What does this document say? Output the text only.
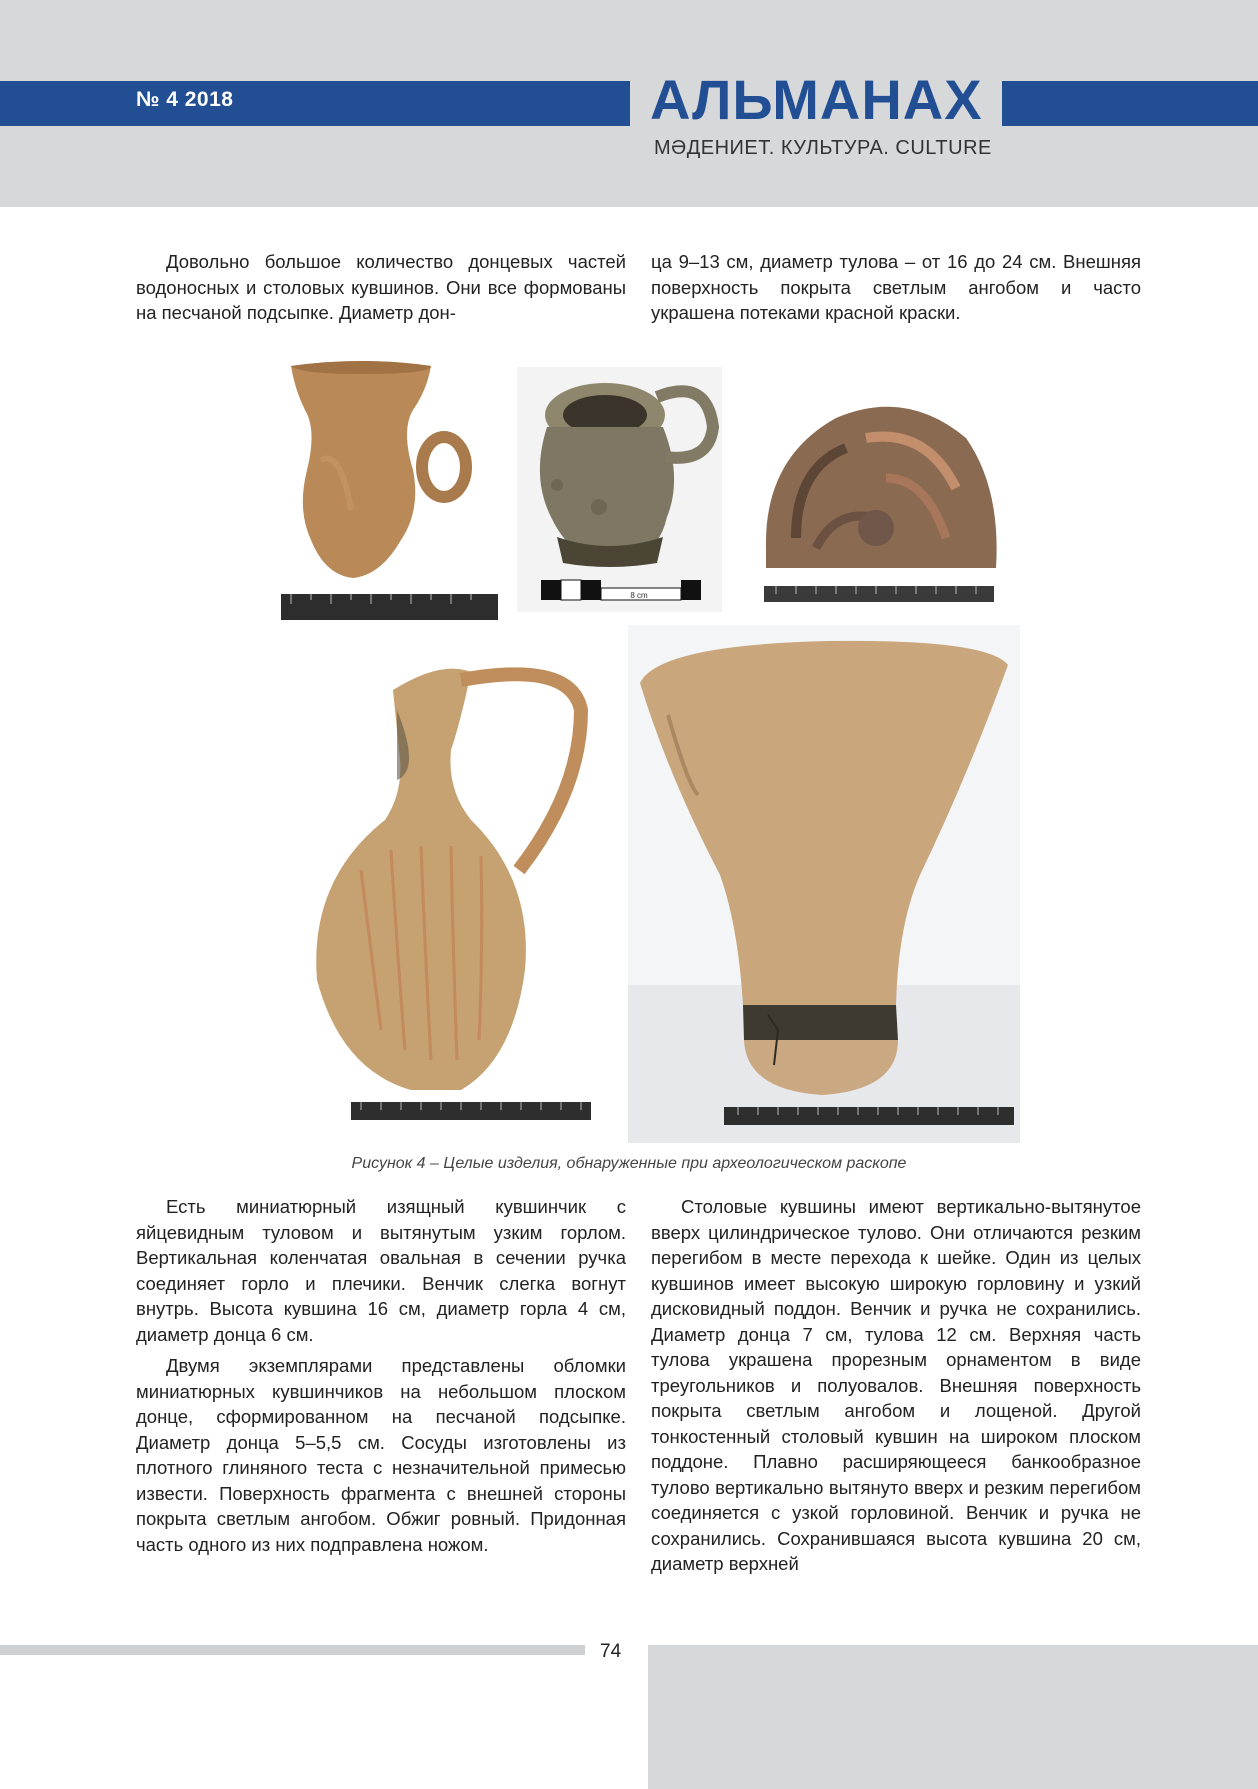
№ 4 2018	АЛЬМАНАХ
МӘДЕНИЕТ. КУЛЬТУРА. CULTURE

Довольно большое количество донцевых частей водоносных и столовых кувшинов. Они все формованы на песчаной подсыпке. Диаметр дон-

ца 9–13 см, диаметр тулова – от 16 до 24 см. Внешняя поверхность покрыта светлым ангобом и часто украшена потеками красной краски.

8 cm
Рисунок 4 – Целые изделия, обнаруженные при археологическом раскопе

Есть миниатюрный изящный кувшинчик с яйцевидным туловом и вытянутым узким горлом. Вертикальная коленчатая овальная в сечении ручка соединяет горло и плечики. Венчик слегка вогнут внутрь. Высота кувшина 16 см, диаметр горла 4 см, диаметр донца 6 см.

Двумя экземплярами представлены обломки миниатюрных кувшинчиков на небольшом плоском донце, сформированном на песчаной подсыпке. Диаметр донца 5–5,5 см. Сосуды изготовлены из плотного глиняного теста с незначительной примесью извести. Поверхность фрагмента с внешней стороны покрыта светлым ангобом. Обжиг ровный. Придонная часть одного из них подправлена ножом.

Столовые кувшины имеют вертикально-вытянутое вверх цилиндрическое тулово. Они отличаются резким перегибом в месте перехода к шейке. Один из целых кувшинов имеет высокую широкую горловину и узкий дисковидный поддон. Венчик и ручка не сохранились. Диаметр донца 7 см, тулова 12 см. Верхняя часть тулова украшена прорезным орнаментом в виде треугольников и полуовалов. Внешняя поверхность покрыта светлым ангобом и лощеной. Другой тонкостенный столовый кувшин на широком плоском поддоне. Плавно расширяющееся банкообразное тулово вертикально вытянуто вверх и резким перегибом соединяется с узкой горловиной. Венчик и ручка не сохранились. Сохранившаяся высота кувшина 20 см, диаметр верхней

74
